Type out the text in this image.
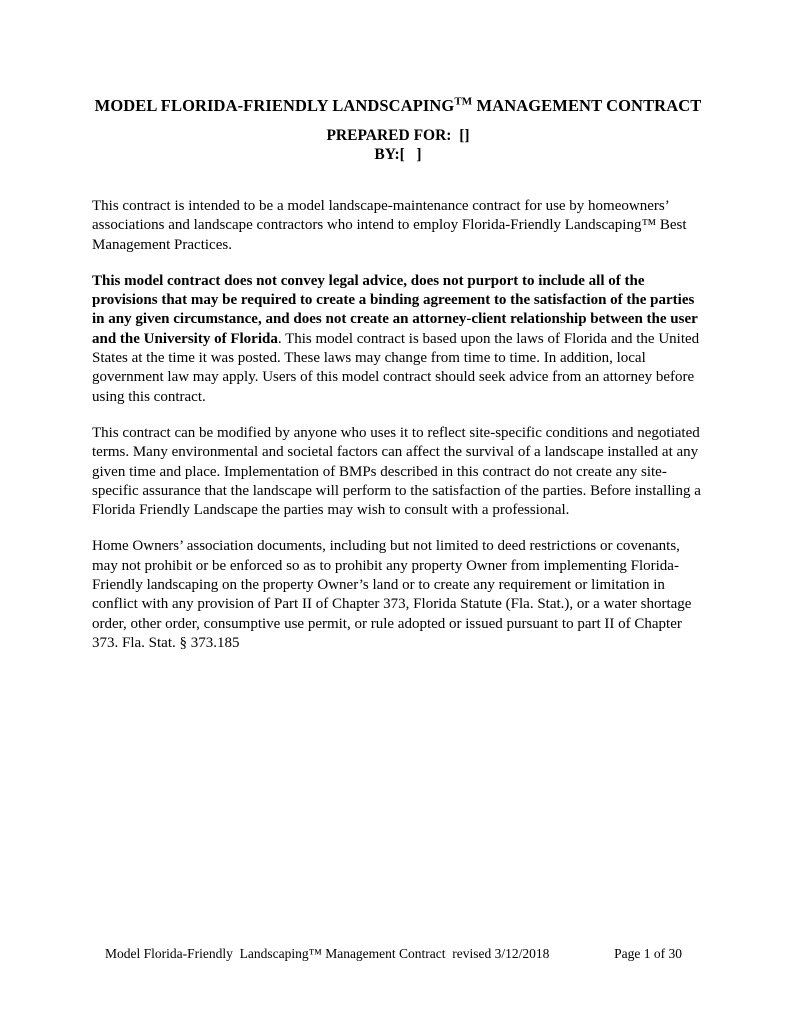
MODEL FLORIDA-FRIENDLY LANDSCAPING™ MANAGEMENT CONTRACT
PREPARED FOR:  []
BY:[   ]

This contract is intended to be a model landscape-maintenance contract for use by homeowners’ associations and landscape contractors who intend to employ Florida-Friendly Landscaping™ Best Management Practices.

This model contract does not convey legal advice, does not purport to include all of the provisions that may be required to create a binding agreement to the satisfaction of the parties in any given circumstance, and does not create an attorney-client relationship between the user and the University of Florida. This model contract is based upon the laws of Florida and the United States at the time it was posted. These laws may change from time to time. In addition, local government law may apply. Users of this model contract should seek advice from an attorney before using this contract.

This contract can be modified by anyone who uses it to reflect site-specific conditions and negotiated terms. Many environmental and societal factors can affect the survival of a landscape installed at any given time and place. Implementation of BMPs described in this contract do not create any site-specific assurance that the landscape will perform to the satisfaction of the parties. Before installing a Florida Friendly Landscape the parties may wish to consult with a professional.

Home Owners’ association documents, including but not limited to deed restrictions or covenants, may not prohibit or be enforced so as to prohibit any property Owner from implementing Florida-Friendly landscaping on the property Owner’s land or to create any requirement or limitation in conflict with any provision of Part II of Chapter 373, Florida Statute (Fla. Stat.), or a water shortage order, other order, consumptive use permit, or rule adopted or issued pursuant to part II of Chapter 373. Fla. Stat. § 373.185

Model Florida-Friendly  Landscaping™ Management Contract  revised 3/12/2018	Page 1 of 30
